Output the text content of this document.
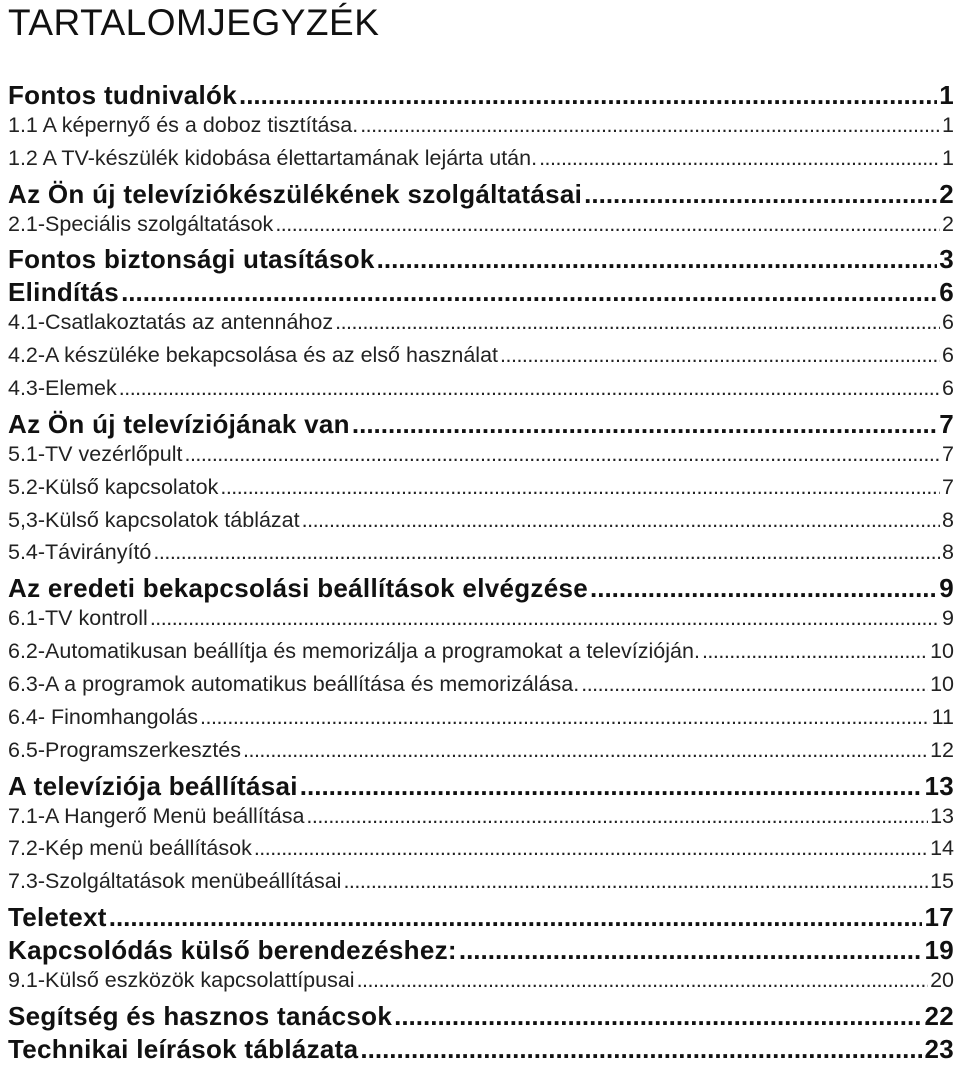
TARTALOMJEGYZÉK
Fontos tudnivalók .....	1
1.1 A képernyő és a doboz tisztítása. .....	1
1.2 A TV-készülék kidobása élettartamának lejárta után. .....	1
Az Ön új televíziókészülékének szolgáltatásai .....	2
2.1-Speciális szolgáltatások .....	2
Fontos biztonsági utasítások .....	3
Elindítás .....	6
4.1-Csatlakoztatás az antennához .....	6
4.2-A készüléke bekapcsolása és az első használat .....	6
4.3-Elemek .....	6
Az Ön új televíziójának van .....	7
5.1-TV vezérlőpult .....	7
5.2-Külső kapcsolatok .....	7
5,3-Külső kapcsolatok táblázat .....	8
5.4-Távirányító .....	8
Az eredeti bekapcsolási beállítások elvégzése .....	9
6.1-TV kontroll .....	9
6.2-Automatikusan beállítja és memorizálja a programokat a televízióján. .....	10
6.3-A a programok automatikus beállítása és memorizálása. .....	10
6.4- Finomhangolás .....	11
6.5-Programszerkesztés .....	12
A televíziója beállításai .....	13
7.1-A Hangerő Menü beállítása .....	13
7.2-Kép menü beállítások .....	14
7.3-Szolgáltatások menübeállításai .....	15
Teletext .....	17
Kapcsolódás külső berendezéshez: .....	19
9.1-Külső eszközök kapcsolattípusai .....	20
Segítség és hasznos tanácsok .....	22
Technikai leírások táblázata .....	23
